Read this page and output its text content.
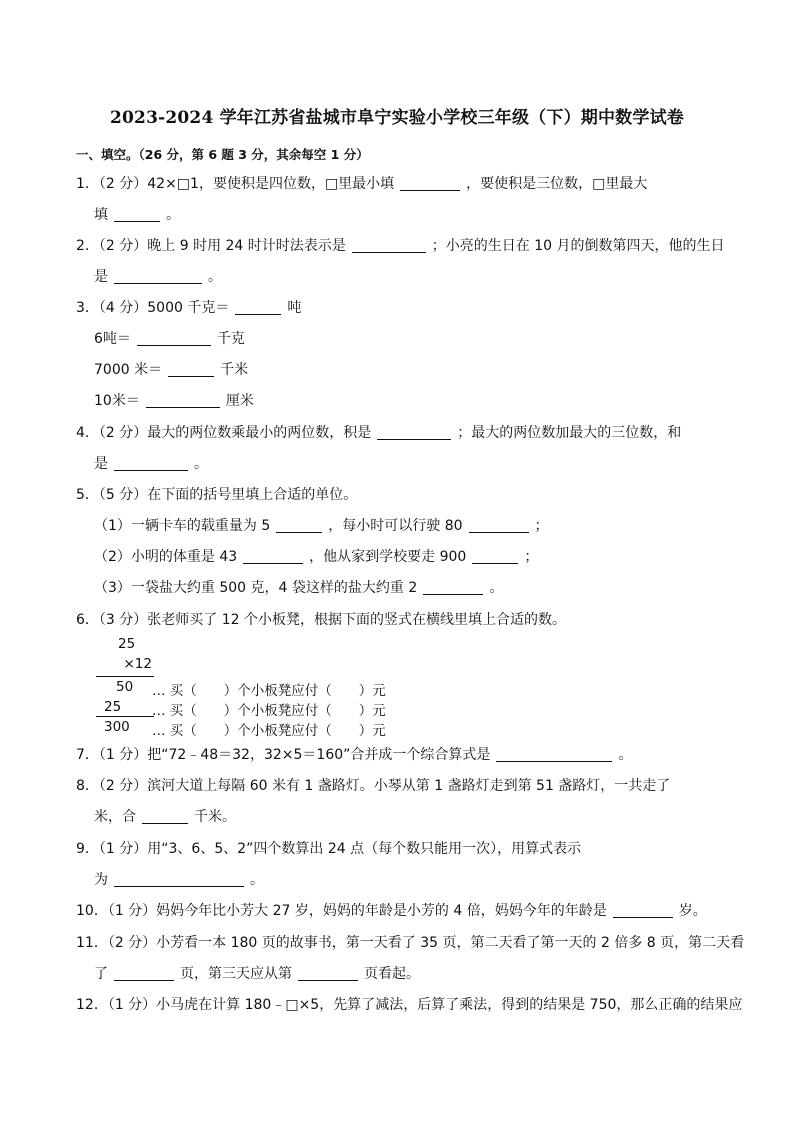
2023-2024 学年江苏省盐城市阜宁实验小学校三年级（下）期中数学试卷
一、填空。（26 分，第 6 题 3 分，其余每空 1 分）
1．（2 分）42×□1，要使积是四位数，□里最小填	，要使积是三位数，□里最大
填	。
2．（2 分）晚上 9 时用 24 时计时法表示是	；小亮的生日在 10 月的倒数第四天，他的生日
是	。
3．（4 分）5000 千克＝	吨
6吨＝	千克
7000 米＝	千米
10米＝	厘米
4．（2 分）最大的两位数乘最小的两位数，积是	；最大的两位数加最大的三位数，和
是	。
5．（5 分）在下面的括号里填上合适的单位。
（1）一辆卡车的载重量为 5	，每小时可以行驶 80	；
（2）小明的体重是 43	，他从家到学校要走 900	；
（3）一袋盐大约重 500 克，4 袋这样的盐大约重 2	。
6．（3 分）张老师买了 12 个小板凳，根据下面的竖式在横线里填上合适的数。
25
×12
50 … 买（　　）个小板凳应付（　　）元
25 … 买（　　）个小板凳应付（　　）元
300 … 买（　　）个小板凳应付（　　）元
7．（1 分）把“72﹣48＝32，32×5＝160”合并成一个综合算式是	。
8．（2 分）滨河大道上每隔 60 米有 1 盏路灯。小琴从第 1 盏路灯走到第 51 盏路灯，一共走了
米，合	千米。
9．（1 分）用“3、6、5、2”四个数算出 24 点（每个数只能用一次），用算式表示
为	。
10．（1 分）妈妈今年比小芳大 27 岁，妈妈的年龄是小芳的 4 倍，妈妈今年的年龄是	岁。
11．（2 分）小芳看一本 180 页的故事书，第一天看了 35 页，第二天看了第一天的 2 倍多 8 页，第二天看
了	页，第三天应从第	页看起。
12．（1 分）小马虎在计算 180﹣□×5，先算了减法，后算了乘法，得到的结果是 750，那么正确的结果应
